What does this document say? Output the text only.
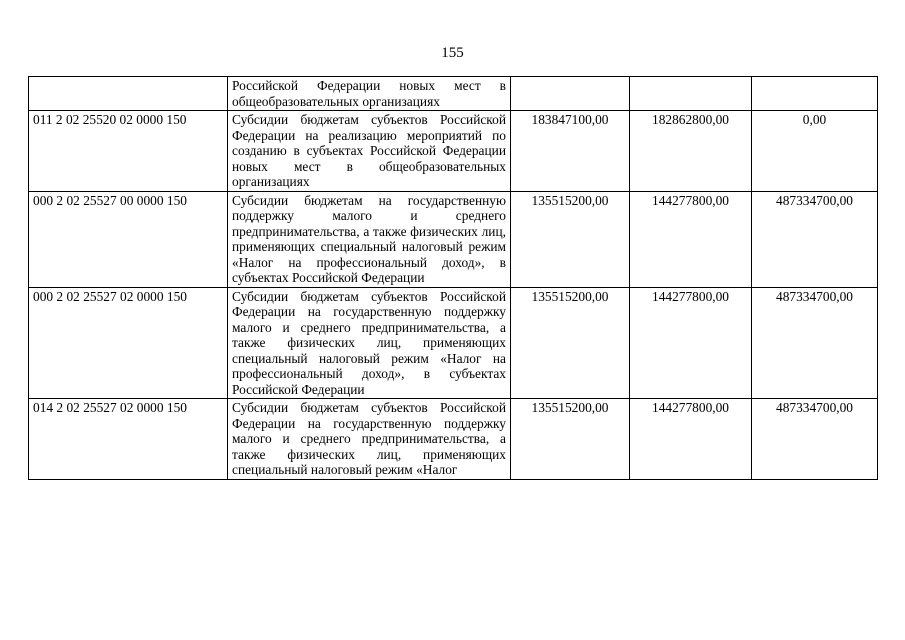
155
	Российской Федерации новых мест в общеобразовательных организациях			
011 2 02 25520 02 0000 150	Субсидии бюджетам субъектов Российской Федерации на реализацию мероприятий по созданию в субъектах Российской Федерации новых мест в общеобразовательных организациях	183847100,00	182862800,00	0,00
000 2 02 25527 00 0000 150	Субсидии бюджетам на государственную поддержку малого и среднего предпринимательства, а также физических лиц, применяющих специальный налоговый режим «Налог на профессиональный доход», в субъектах Российской Федерации	135515200,00	144277800,00	487334700,00
000 2 02 25527 02 0000 150	Субсидии бюджетам субъектов Российской Федерации на государственную поддержку малого и среднего предпринимательства, а также физических лиц, применяющих специальный налоговый режим «Налог на профессиональный доход», в субъектах Российской Федерации	135515200,00	144277800,00	487334700,00
014 2 02 25527 02 0000 150	Субсидии бюджетам субъектов Российской Федерации на государственную поддержку малого и среднего предпринимательства, а также физических лиц, применяющих специальный налоговый режим «Налог	135515200,00	144277800,00	487334700,00
